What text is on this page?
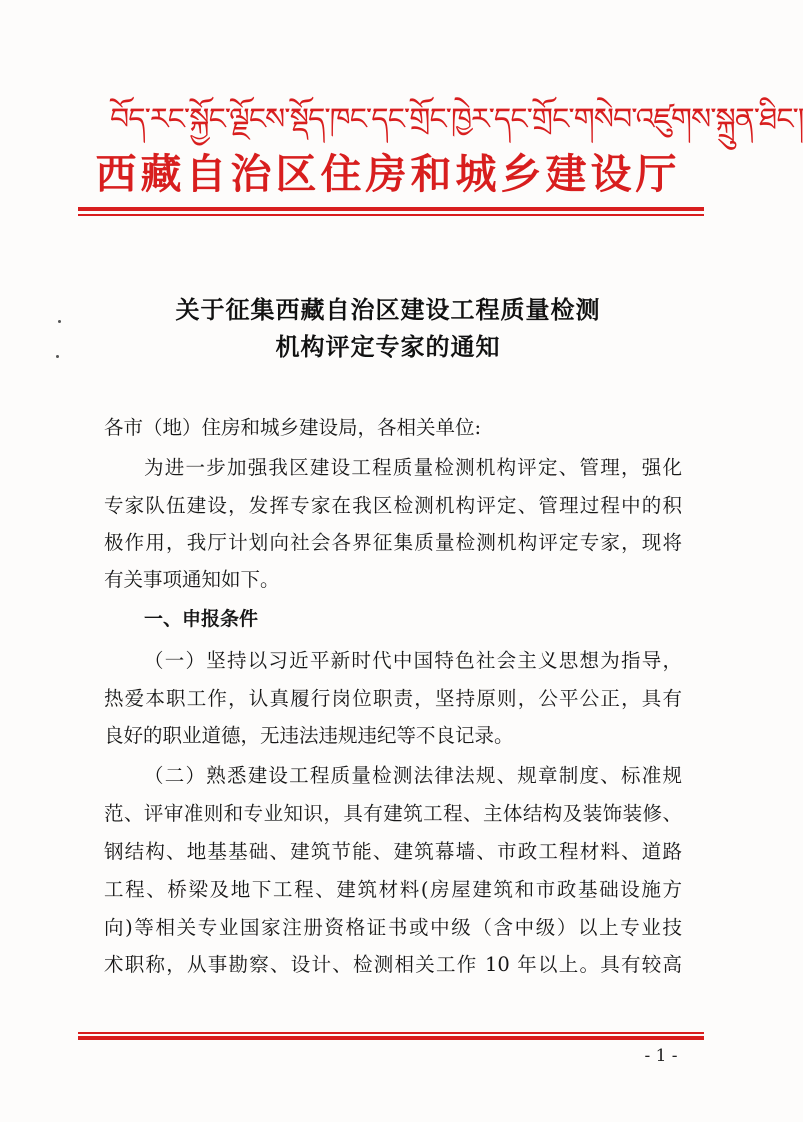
བོད་རང་སྐྱོང་ལྗོངས་སྡོད་ཁང་དང་གྲོང་ཁྱེར་དང་གྲོང་གསེབ་འཛུགས་སྐྲུན་ཐིང་།
西藏自治区住房和城乡建设厅
关于征集西藏自治区建设工程质量检测
机构评定专家的通知
各市（地）住房和城乡建设局，各相关单位:
为进一步加强我区建设工程质量检测机构评定、管理，强化
专家队伍建设，发挥专家在我区检测机构评定、管理过程中的积
极作用，我厅计划向社会各界征集质量检测机构评定专家，现将
有关事项通知如下。
一、申报条件
（一）坚持以习近平新时代中国特色社会主义思想为指导，
热爱本职工作，认真履行岗位职责，坚持原则，公平公正，具有
良好的职业道德，无违法违规违纪等不良记录。
（二）熟悉建设工程质量检测法律法规、规章制度、标准规
范、评审准则和专业知识，具有建筑工程、主体结构及装饰装修、
钢结构、地基基础、建筑节能、建筑幕墙、市政工程材料、道路
工程、桥梁及地下工程、建筑材料(房屋建筑和市政基础设施方
向)等相关专业国家注册资格证书或中级（含中级）以上专业技
术职称，从事勘察、设计、检测相关工作 10 年以上。具有较高
- 1 -
